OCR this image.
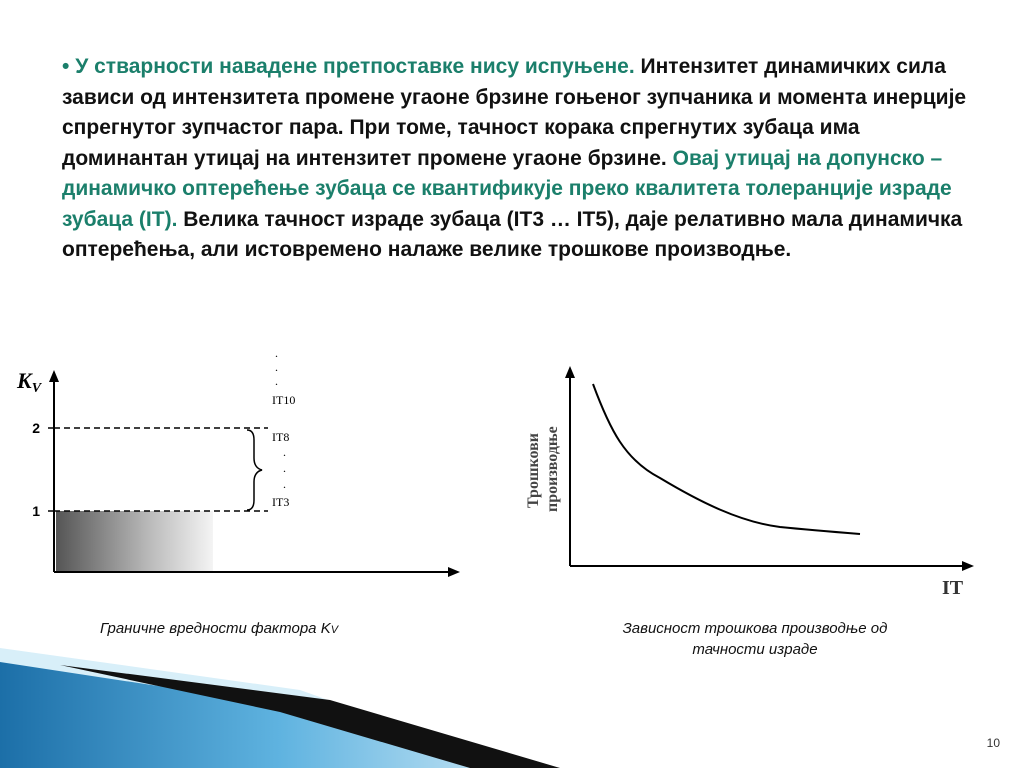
• У стварности навадене претпоставке нису испуњене. Интензитет динамичких сила зависи од интензитета промене угаоне брзине гоњеног зупчаника и момента инерције спрегнутог зупчастог пара. При томе, тачност корака спрегнутих зубаца има доминантан утицај на интензитет промене угаоне брзине. Овај утицај на допунско – динамичко оптерећење зубаца се квантификује преко квалитета толеранције израде зубаца (IT). Велика тачност израде зубаца (IT3 … IT5), даје релативно мала динамичка оптерећења, али истовремено налаже велике трошкове производње.
KV
2
1
.
.
.
IT10
IT8
.
.
.
IT3	Трошкови производње
IT
Граничне вредности фактора KV	Зависност трошкова производње од
тачности израде
10
